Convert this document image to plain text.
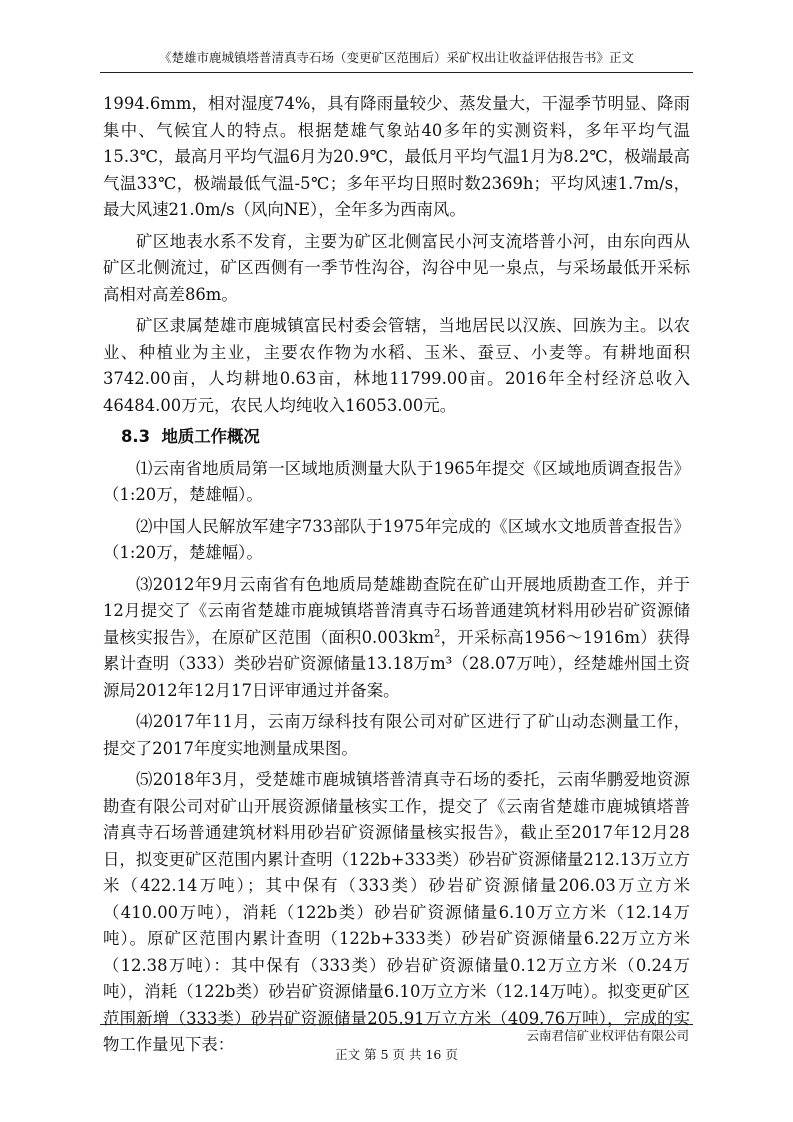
《楚雄市鹿城镇塔普清真寺石场（变更矿区范围后）采矿权出让收益评估报告书》正文

1994.6mm，相对湿度74%，具有降雨量较少、蒸发量大，干湿季节明显、降雨集中、气候宜人的特点。根据楚雄气象站40多年的实测资料，多年平均气温15.3℃，最高月平均气温6月为20.9℃，最低月平均气温1月为8.2℃，极端最高气温33℃，极端最低气温-5℃；多年平均日照时数2369h；平均风速1.7m/s，最大风速21.0m/s（风向NE），全年多为西南风。

矿区地表水系不发育，主要为矿区北侧富民小河支流塔普小河，由东向西从矿区北侧流过，矿区西侧有一季节性沟谷，沟谷中见一泉点，与采场最低开采标高相对高差86m。

矿区隶属楚雄市鹿城镇富民村委会管辖，当地居民以汉族、回族为主。以农业、种植业为主业，主要农作物为水稻、玉米、蚕豆、小麦等。有耕地面积3742.00亩，人均耕地0.63亩，林地11799.00亩。2016年全村经济总收入46484.00万元，农民人均纯收入16053.00元。

8.3 地质工作概况

⑴云南省地质局第一区域地质测量大队于1965年提交《区域地质调查报告》（1:20万，楚雄幅）。

⑵中国人民解放军建字733部队于1975年完成的《区域水文地质普查报告》（1:20万，楚雄幅）。

⑶2012年9月云南省有色地质局楚雄勘查院在矿山开展地质勘查工作，并于12月提交了《云南省楚雄市鹿城镇塔普清真寺石场普通建筑材料用砂岩矿资源储量核实报告》，在原矿区范围（面积$0.003km^2$，开采标高1956～1916m）获得累计查明（333）类砂岩矿资源储量13.18万m³（28.07万吨），经楚雄州国土资源局2012年12月17日评审通过并备案。

⑷2017年11月，云南万绿科技有限公司对矿区进行了矿山动态测量工作，提交了2017年度实地测量成果图。

⑸2018年3月，受楚雄市鹿城镇塔普清真寺石场的委托，云南华鹏爱地资源勘查有限公司对矿山开展资源储量核实工作，提交了《云南省楚雄市鹿城镇塔普清真寺石场普通建筑材料用砂岩矿资源储量核实报告》，截止至2017年12月28日，拟变更矿区范围内累计查明（122b+333类）砂岩矿资源储量212.13万立方米（422.14万吨）；其中保有（333类）砂岩矿资源储量206.03万立方米（410.00万吨），消耗（122b类）砂岩矿资源储量6.10万立方米（12.14万吨）。原矿区范围内累计查明（122b+333类）砂岩矿资源储量6.22万立方米（12.38万吨）：其中保有（333类）砂岩矿资源储量0.12万立方米（0.24万吨），消耗（122b类）砂岩矿资源储量6.10万立方米（12.14万吨）。拟变更矿区范围新增（333类）砂岩矿资源储量205.91万立方米（409.76万吨），完成的实物工作量见下表：	云南君信矿业权评估有限公司
正文 第 5 页 共 16 页
